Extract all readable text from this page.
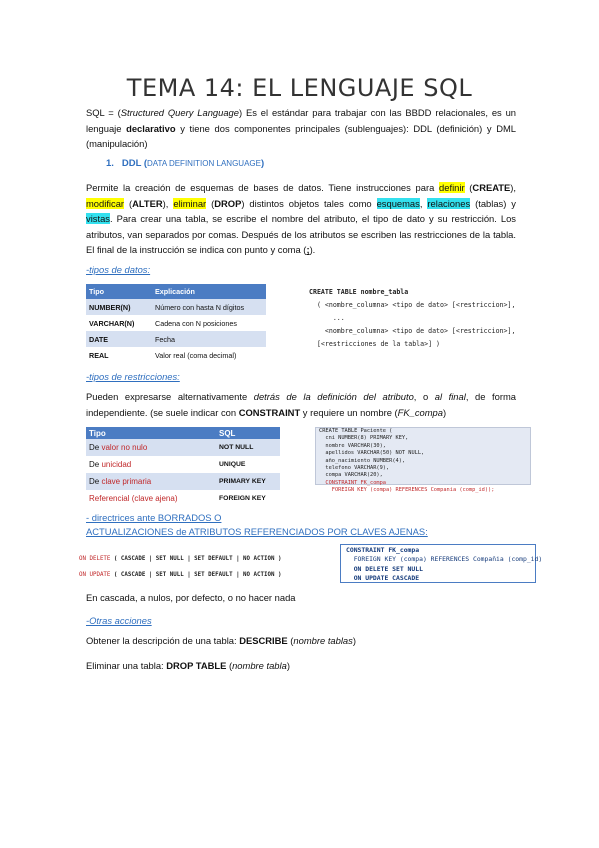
TEMA 14: EL LENGUAJE SQL
SQL = (Structured Query Language) Es el estándar para trabajar con las BBDD relacionales, es un lenguaje declarativo y tiene dos componentes principales (sublenguajes): DDL (definición) y DML (manipulación)
1. DDL (DATA DEFINITION LANGUAGE)
Permite la creación de esquemas de bases de datos. Tiene instrucciones para definir (CREATE), modificar (ALTER), eliminar (DROP) distintos objetos tales como esquemas, relaciones (tablas) y vistas. Para crear una tabla, se escribe el nombre del atributo, el tipo de dato y su restricción. Los atributos, van separados por comas. Después de los atributos se escriben las restricciones de la tabla. El final de la instrucción se indica con punto y coma (;).
-tipos de datos:
Tipo	Explicación
NUMBER(N)	Número con hasta N dígitos
VARCHAR(N)	Cadena con N posiciones
DATE	Fecha
REAL	Valor real (coma decimal)
CREATE TABLE nombre_tabla
( <nombre_columna> <tipo de dato> [<restriccion>],
...
<nombre_columna> <tipo de dato> [<restriccion>],
[<restricciones de la tabla>] )
-tipos de restricciones:
Pueden expresarse alternativamente detrás de la definición del atributo, o al final, de forma independiente. (se suele indicar con CONSTRAINT y requiere un nombre (FK_compa)
Tipo	SQL
De valor no nulo	NOT NULL
De unicidad	UNIQUE
De clave primaria	PRIMARY KEY
Referencial (clave ajena)	FOREIGN KEY
CREATE TABLE Paciente (
cni NUMBER(8) PRIMARY KEY,
nombre VARCHAR(30),
apellidos VARCHAR(50) NOT NULL,
año_nacimiento NUMBER(4),
telefono VARCHAR(9),
compa VARCHAR(20),
CONSTRAINT FK_compa
FOREIGN KEY (compa) REFERENCES Compania (comp_id));
- directrices ante BORRADOS O
ACTUALIZACIONES de ATRIBUTOS REFERENCIADOS POR CLAVES AJENAS:
ON DELETE ( CASCADE | SET NULL | SET DEFAULT | NO ACTION )
ON UPDATE ( CASCADE | SET NULL | SET DEFAULT | NO ACTION )
CONSTRAINT FK_compa
FOREIGN KEY (compa) REFERENCES Compañia (comp_id)
ON DELETE SET NULL
ON UPDATE CASCADE
En cascada, a nulos, por defecto, o no hacer nada
-Otras acciones
Obtener la descripción de una tabla: DESCRIBE (nombre tablas)
Eliminar una tabla: DROP TABLE (nombre tabla)
